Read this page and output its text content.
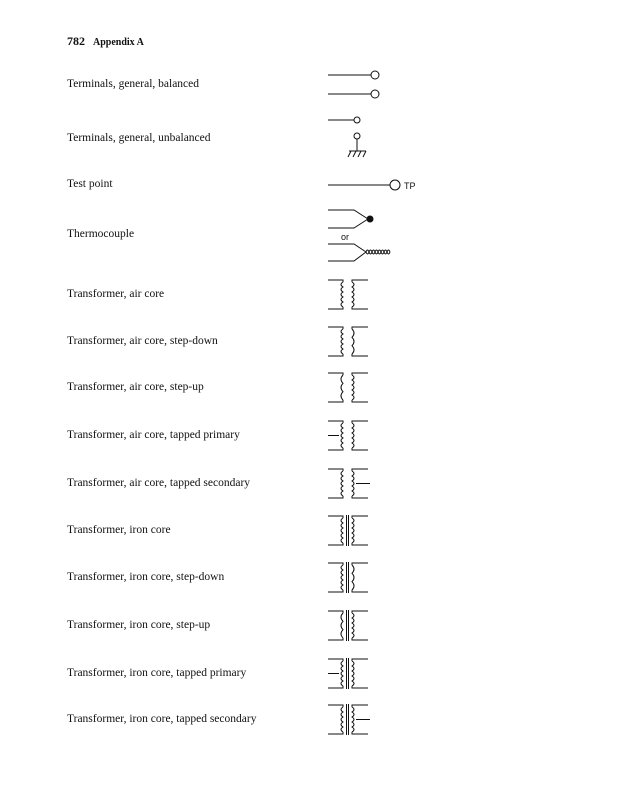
782 Appendix A
Terminals, general, balanced
Terminals, general, unbalanced
Test point
Thermocouple
Transformer, air core
Transformer, air core, step-down
Transformer, air core, step-up
Transformer, air core, tapped primary
Transformer, air core, tapped secondary
Transformer, iron core
Transformer, iron core, step-down
Transformer, iron core, step-up
Transformer, iron core, tapped primary
Transformer, iron core, tapped secondary
TP
or
